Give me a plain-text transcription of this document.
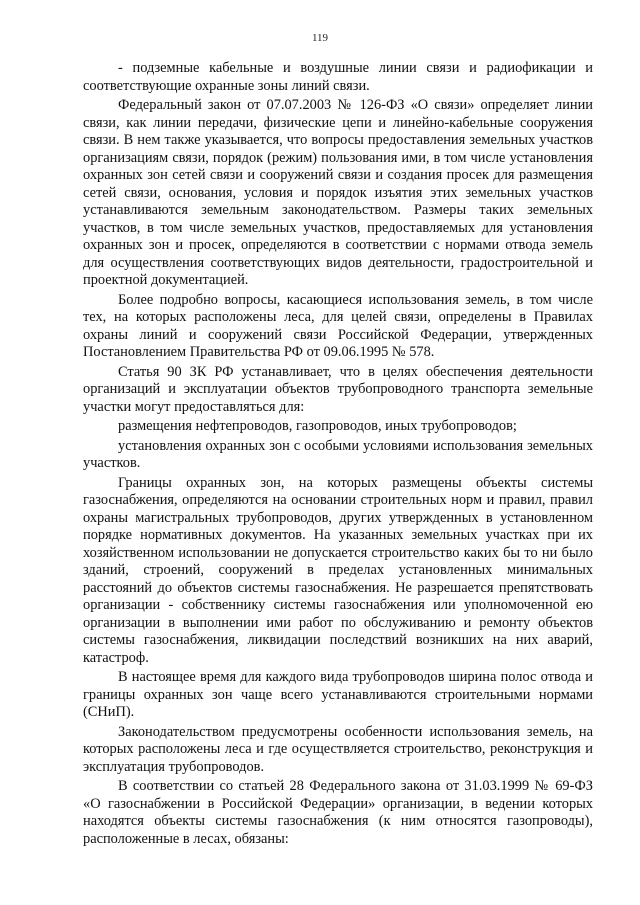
119

- подземные кабельные и воздушные линии связи и радиофикации и соответствующие охранные зоны линий связи.

Федеральный закон от 07.07.2003 № 126-ФЗ «О связи» определяет линии связи, как линии передачи, физические цепи и линейно-кабельные сооружения связи. В нем также указывается, что вопросы предоставления земельных участков организациям связи, порядок (режим) пользования ими, в том числе установления охранных зон сетей связи и сооружений связи и создания просек для размещения сетей связи, основания, условия и порядок изъятия этих земельных участков устанавливаются земельным законодательством. Размеры таких земельных участков, в том числе земельных участков, предоставляемых для установления охранных зон и просек, определяются в соответствии с нормами отвода земель для осуществления соответствующих видов деятельности, градостроительной и проектной документацией.

Более подробно вопросы, касающиеся использования земель, в том числе тех, на которых расположены леса, для целей связи, определены в Правилах охраны линий и сооружений связи Российской Федерации, утвержденных Постановлением Правительства РФ от 09.06.1995 № 578.

Статья 90 ЗК РФ устанавливает, что в целях обеспечения деятельности организаций и эксплуатации объектов трубопроводного транспорта земельные участки могут предоставляться для:

размещения нефтепроводов, газопроводов, иных трубопроводов;

установления охранных зон с особыми условиями использования земельных участков.

Границы охранных зон, на которых размещены объекты системы газоснабжения, определяются на основании строительных норм и правил, правил охраны магистральных трубопроводов, других утвержденных в установленном порядке нормативных документов. На указанных земельных участках при их хозяйственном использовании не допускается строительство каких бы то ни было зданий, строений, сооружений в пределах установленных минимальных расстояний до объектов системы газоснабжения. Не разрешается препятствовать организации - собственнику системы газоснабжения или уполномоченной ею организации в выполнении ими работ по обслуживанию и ремонту объектов системы газоснабжения, ликвидации последствий возникших на них аварий, катастроф.

В настоящее время для каждого вида трубопроводов ширина полос отвода и границы охранных зон чаще всего устанавливаются строительными нормами (СНиП).

Законодательством предусмотрены особенности использования земель, на которых расположены леса и где осуществляется строительство, реконструкция и эксплуатация трубопроводов.

В соответствии со статьей 28 Федерального закона от 31.03.1999 № 69-ФЗ «О газоснабжении в Российской Федерации» организации, в ведении которых находятся объекты системы газоснабжения (к ним относятся газопроводы), расположенные в лесах, обязаны:
